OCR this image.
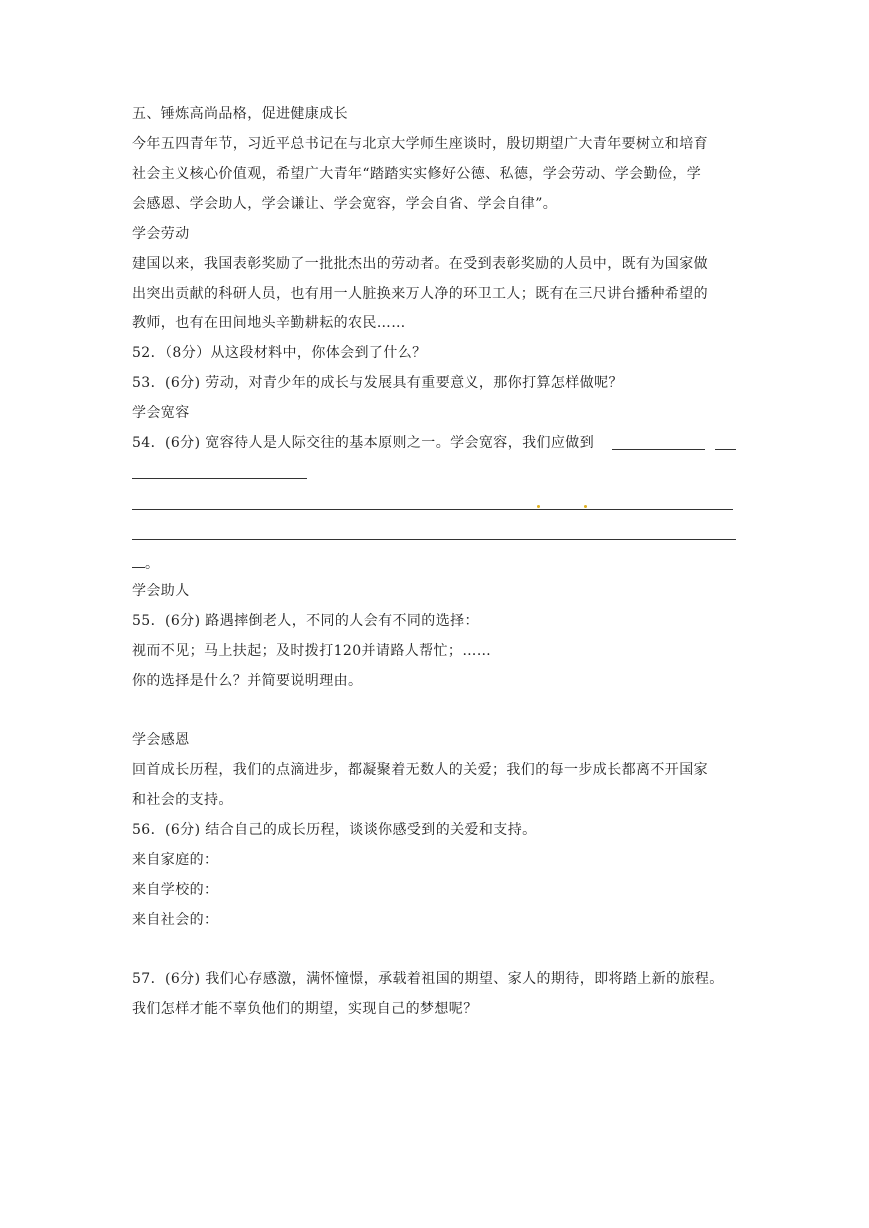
五、锤炼高尚品格，促进健康成长
今年五四青年节，习近平总书记在与北京大学师生座谈时，殷切期望广大青年要树立和培育
社会主义核心价值观，希望广大青年“踏踏实实修好公德、私德，学会劳动、学会勤俭，学
会感恩、学会助人，学会谦让、学会宽容，学会自省、学会自律”。
学会劳动
建国以来，我国表彰奖励了一批批杰出的劳动者。在受到表彰奖励的人员中，既有为国家做
出突出贡献的科研人员，也有用一人脏换来万人净的环卫工人；既有在三尺讲台播种希望的
教师，也有在田间地头辛勤耕耘的农民……
52．（8分）从这段材料中，你体会到了什么？
53．(6分) 劳动，对青少年的成长与发展具有重要意义，那你打算怎样做呢？
学会宽容
54．(6分) 宽容待人是人际交往的基本原则之一。学会宽容，我们应做到
。
学会助人
55．(6分) 路遇摔倒老人，不同的人会有不同的选择：
视而不见；马上扶起；及时拨打120并请路人帮忙；……
你的选择是什么？并简要说明理由。
学会感恩
回首成长历程，我们的点滴进步，都凝聚着无数人的关爱；我们的每一步成长都离不开国家
和社会的支持。
56．(6分) 结合自己的成长历程，谈谈你感受到的关爱和支持。
来自家庭的：
来自学校的：
来自社会的：
57．(6分) 我们心存感激，满怀憧憬，承载着祖国的期望、家人的期待，即将踏上新的旅程。
我们怎样才能不辜负他们的期望，实现自己的梦想呢？
